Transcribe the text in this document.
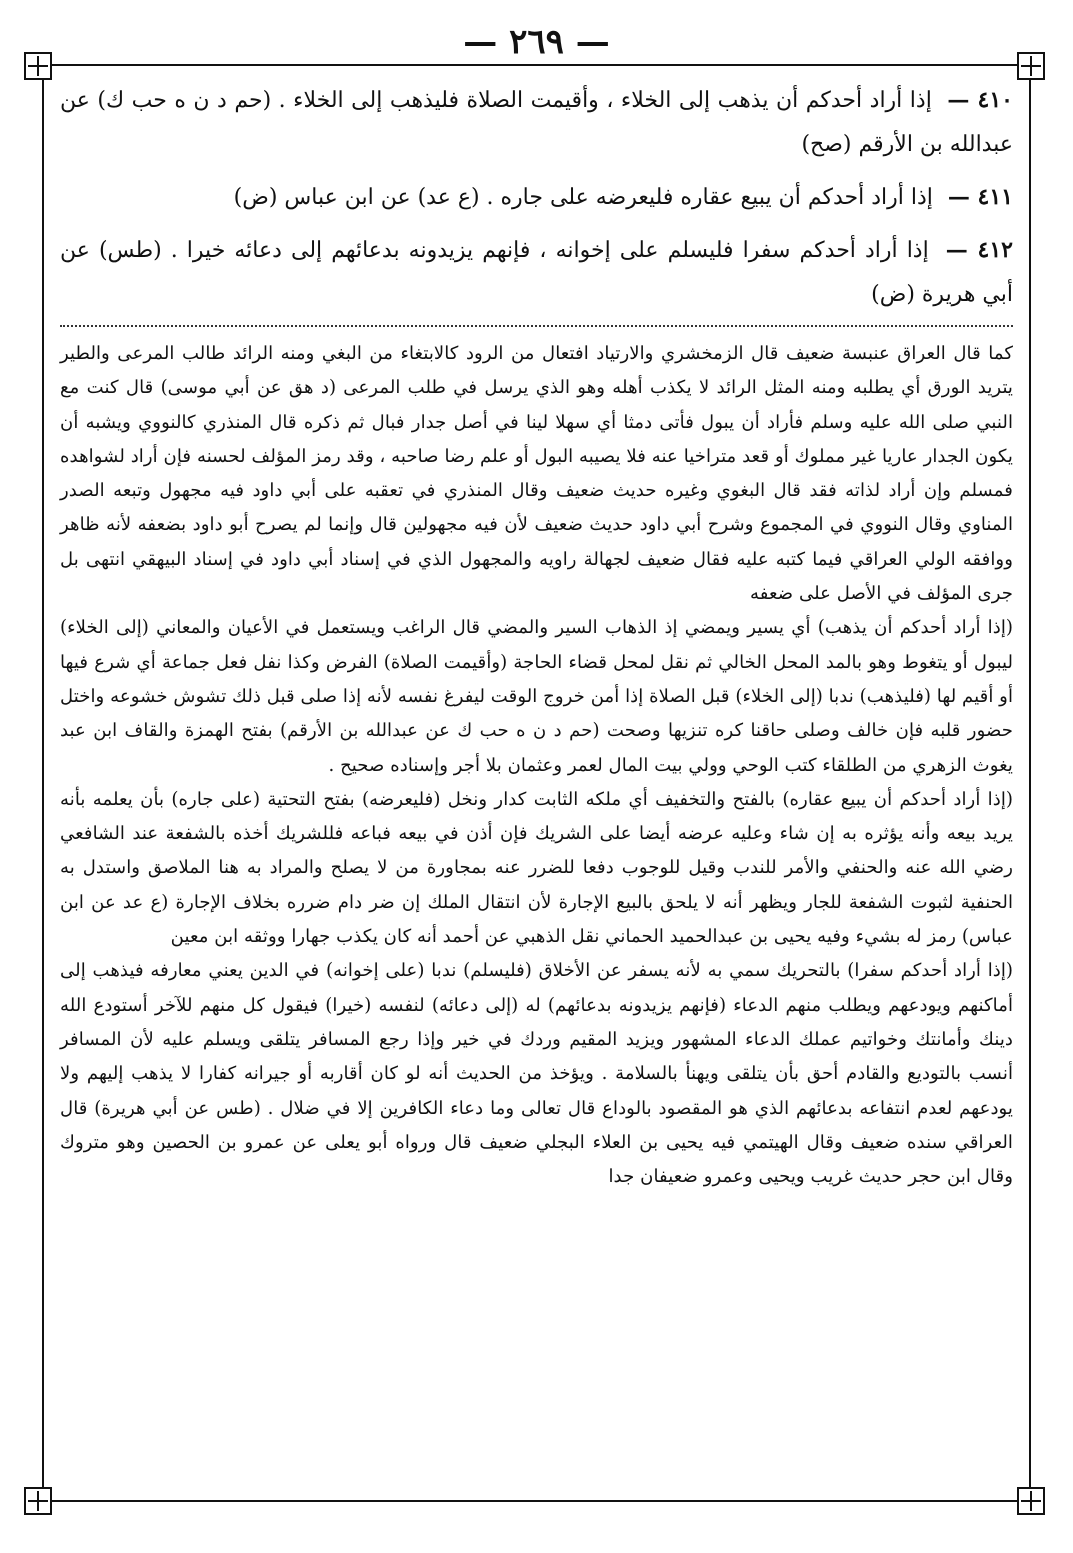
— ٢٦٩ —
٤١٠ — إذا أراد أحدكم أن يذهب إلى الخلاء ، وأقيمت الصلاة فليذهب إلى الخلاء . (حم د ن ه حب ك) عن عبدالله بن الأرقم (صح)
٤١١ — إذا أراد أحدكم أن يبيع عقاره فليعرضه على جاره . (ع عد) عن ابن عباس (ض)
٤١٢ — إذا أراد أحدكم سفرا فليسلم على إخوانه ، فإنهم يزيدونه بدعائهم إلى دعائه خيرا . (طس) عن أبي هريرة (ض)

كما قال العراق عنبسة ضعيف قال الزمخشري والارتياد افتعال من الرود كالابتغاء من البغي ومنه الرائد طالب المرعى والطير يتريد الورق أي يطلبه ومنه المثل الرائد لا يكذب أهله وهو الذي يرسل في طلب المرعى (د هق عن أبي موسى) قال كنت مع النبي صلى الله عليه وسلم فأراد أن يبول فأتى دمثا أي سهلا لينا في أصل جدار فبال ثم ذكره قال المنذري كالنووي ويشبه أن يكون الجدار عاريا غير مملوك أو قعد متراخيا عنه فلا يصيبه البول أو علم رضا صاحبه ، وقد رمز المؤلف لحسنه فإن أراد لشواهده فمسلم وإن أراد لذاته فقد قال البغوي وغيره حديث ضعيف وقال المنذري في تعقبه على أبي داود فيه مجهول وتبعه الصدر المناوي وقال النووي في المجموع وشرح أبي داود حديث ضعيف لأن فيه مجهولين قال وإنما لم يصرح أبو داود بضعفه لأنه ظاهر ووافقه الولي العراقي فيما كتبه عليه فقال ضعيف لجهالة راويه والمجهول الذي في إسناد أبي داود في إسناد البيهقي انتهى بل جرى المؤلف في الأصل على ضعفه

(إذا أراد أحدكم أن يذهب) أي يسير ويمضي إذ الذهاب السير والمضي قال الراغب ويستعمل في الأعيان والمعاني (إلى الخلاء) ليبول أو يتغوط وهو بالمد المحل الخالي ثم نقل لمحل قضاء الحاجة (وأقيمت الصلاة) الفرض وكذا نفل فعل جماعة أي شرع فيها أو أقيم لها (فليذهب) ندبا (إلى الخلاء) قبل الصلاة إذا أمن خروج الوقت ليفرغ نفسه لأنه إذا صلى قبل ذلك تشوش خشوعه واختل حضور قلبه فإن خالف وصلى حاقنا كره تنزيها وصحت (حم د ن ه حب ك عن عبدالله بن الأرقم) بفتح الهمزة والقاف ابن عبد يغوث الزهري من الطلقاء كتب الوحي وولي بيت المال لعمر وعثمان بلا أجر وإسناده صحيح .

(إذا أراد أحدكم أن يبيع عقاره) بالفتح والتخفيف أي ملكه الثابت كدار ونخل (فليعرضه) بفتح التحتية (على جاره) بأن يعلمه بأنه يريد بيعه وأنه يؤثره به إن شاء وعليه عرضه أيضا على الشريك فإن أذن في بيعه فباعه فللشريك أخذه بالشفعة عند الشافعي رضي الله عنه والحنفي والأمر للندب وقيل للوجوب دفعا للضرر عنه بمجاورة من لا يصلح والمراد به هنا الملاصق واستدل به الحنفية لثبوت الشفعة للجار ويظهر أنه لا يلحق بالبيع الإجارة لأن انتقال الملك إن ضر دام ضرره بخلاف الإجارة (ع عد عن ابن عباس) رمز له بشيء وفيه يحيى بن عبدالحميد الحماني نقل الذهبي عن أحمد أنه كان يكذب جهارا ووثقه ابن معين

(إذا أراد أحدكم سفرا) بالتحريك سمي به لأنه يسفر عن الأخلاق (فليسلم) ندبا (على إخوانه) في الدين يعني معارفه فيذهب إلى أماكنهم ويودعهم ويطلب منهم الدعاء (فإنهم يزيدونه بدعائهم) له (إلى دعائه) لنفسه (خيرا) فيقول كل منهم للآخر أستودع الله دينك وأمانتك وخواتيم عملك الدعاء المشهور ويزيد المقيم وردك في خير وإذا رجع المسافر يتلقى ويسلم عليه لأن المسافر أنسب بالتوديع والقادم أحق بأن يتلقى ويهنأ بالسلامة . ويؤخذ من الحديث أنه لو كان أقاربه أو جيرانه كفارا لا يذهب إليهم ولا يودعهم لعدم انتفاعه بدعائهم الذي هو المقصود بالوداع قال تعالى وما دعاء الكافرين إلا في ضلال . (طس عن أبي هريرة) قال العراقي سنده ضعيف وقال الهيتمي فيه يحيى بن العلاء البجلي ضعيف قال ورواه أبو يعلى عن عمرو بن الحصين وهو متروك وقال ابن حجر حديث غريب ويحيى وعمرو ضعيفان جدا
